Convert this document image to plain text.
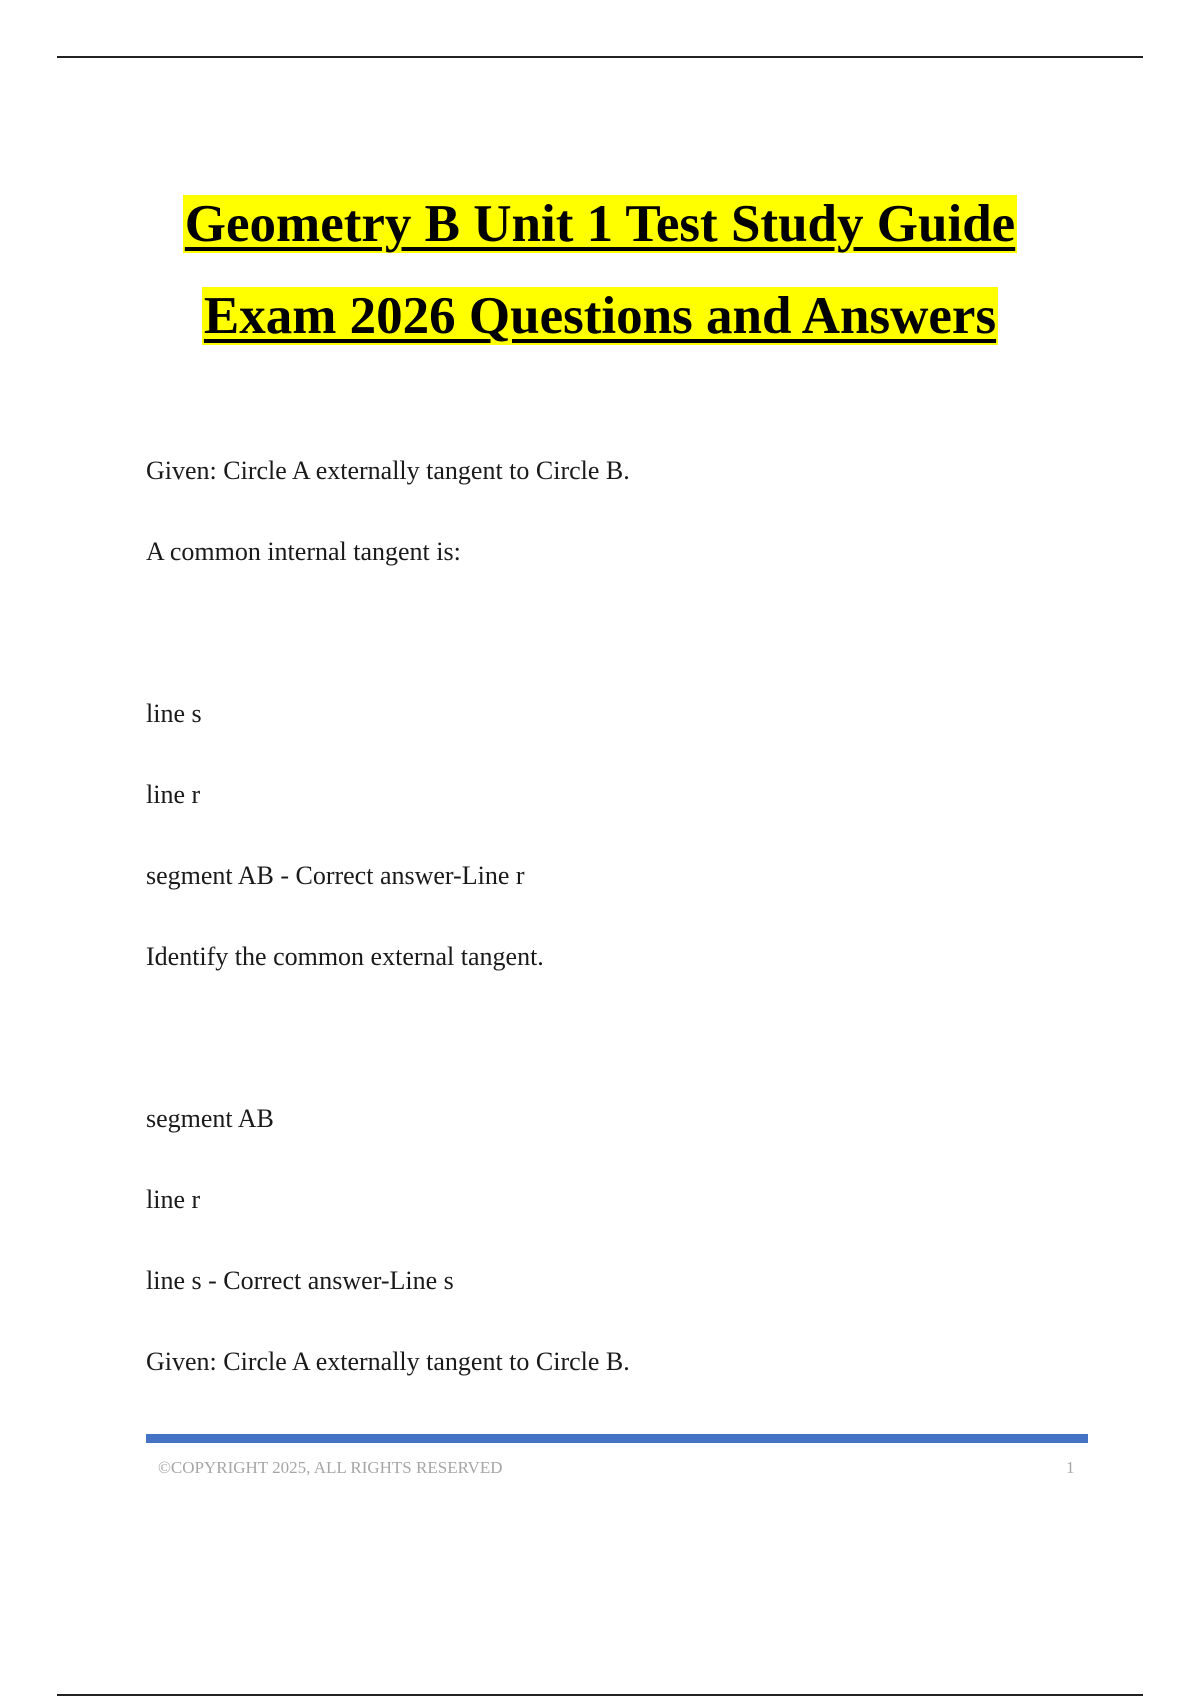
Geometry B Unit 1 Test Study Guide
Exam 2026 Questions and Answers
Given: Circle A externally tangent to Circle B.
A common internal tangent is:
line s
line r
segment AB - Correct answer-Line r
Identify the common external tangent.
segment AB
line r
line s - Correct answer-Line s
Given: Circle A externally tangent to Circle B.
©COPYRIGHT 2025, ALL RIGHTS RESERVED	1
